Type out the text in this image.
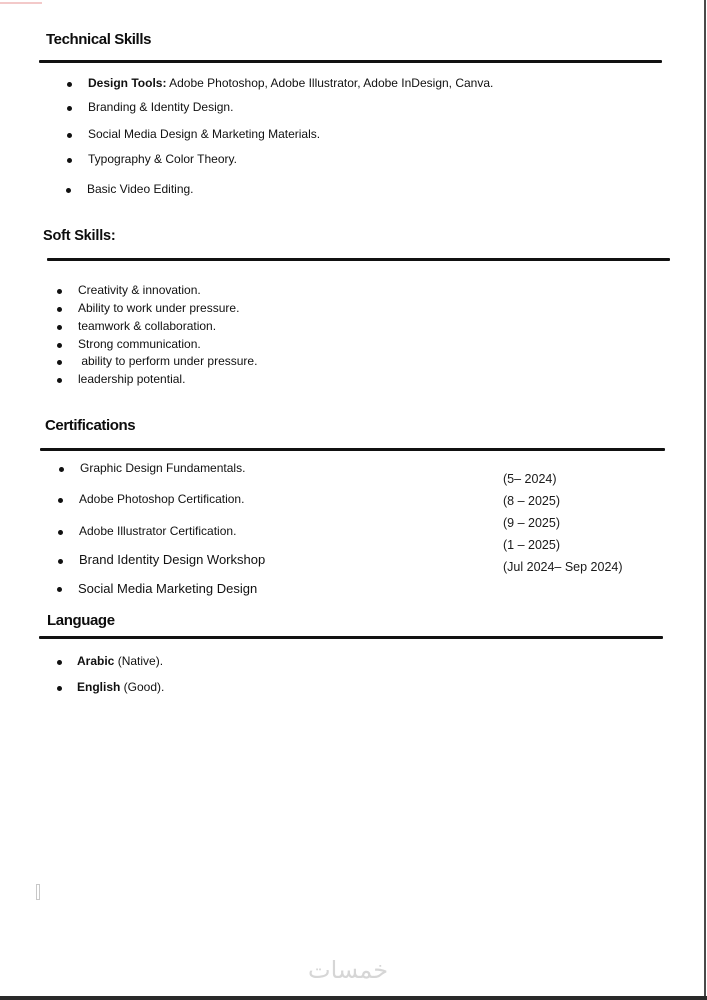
Technical Skills
Design Tools: Adobe Photoshop, Adobe Illustrator, Adobe InDesign, Canva.
Branding & Identity Design.
Social Media Design & Marketing Materials.
Typography & Color Theory.
Basic Video Editing.
Soft Skills:
Creativity & innovation.
Ability to work under pressure.
teamwork & collaboration.
Strong communication.
ability to perform under pressure.
leadership potential.
Certifications
Graphic Design Fundamentals.
Adobe Photoshop Certification.
Adobe Illustrator Certification.
Brand Identity Design Workshop
Social Media Marketing Design
(5– 2024)
(8 – 2025)
(9 – 2025)
(1 – 2025)
(Jul 2024– Sep 2024)
Language
Arabic (Native).
English (Good).
خمسات
